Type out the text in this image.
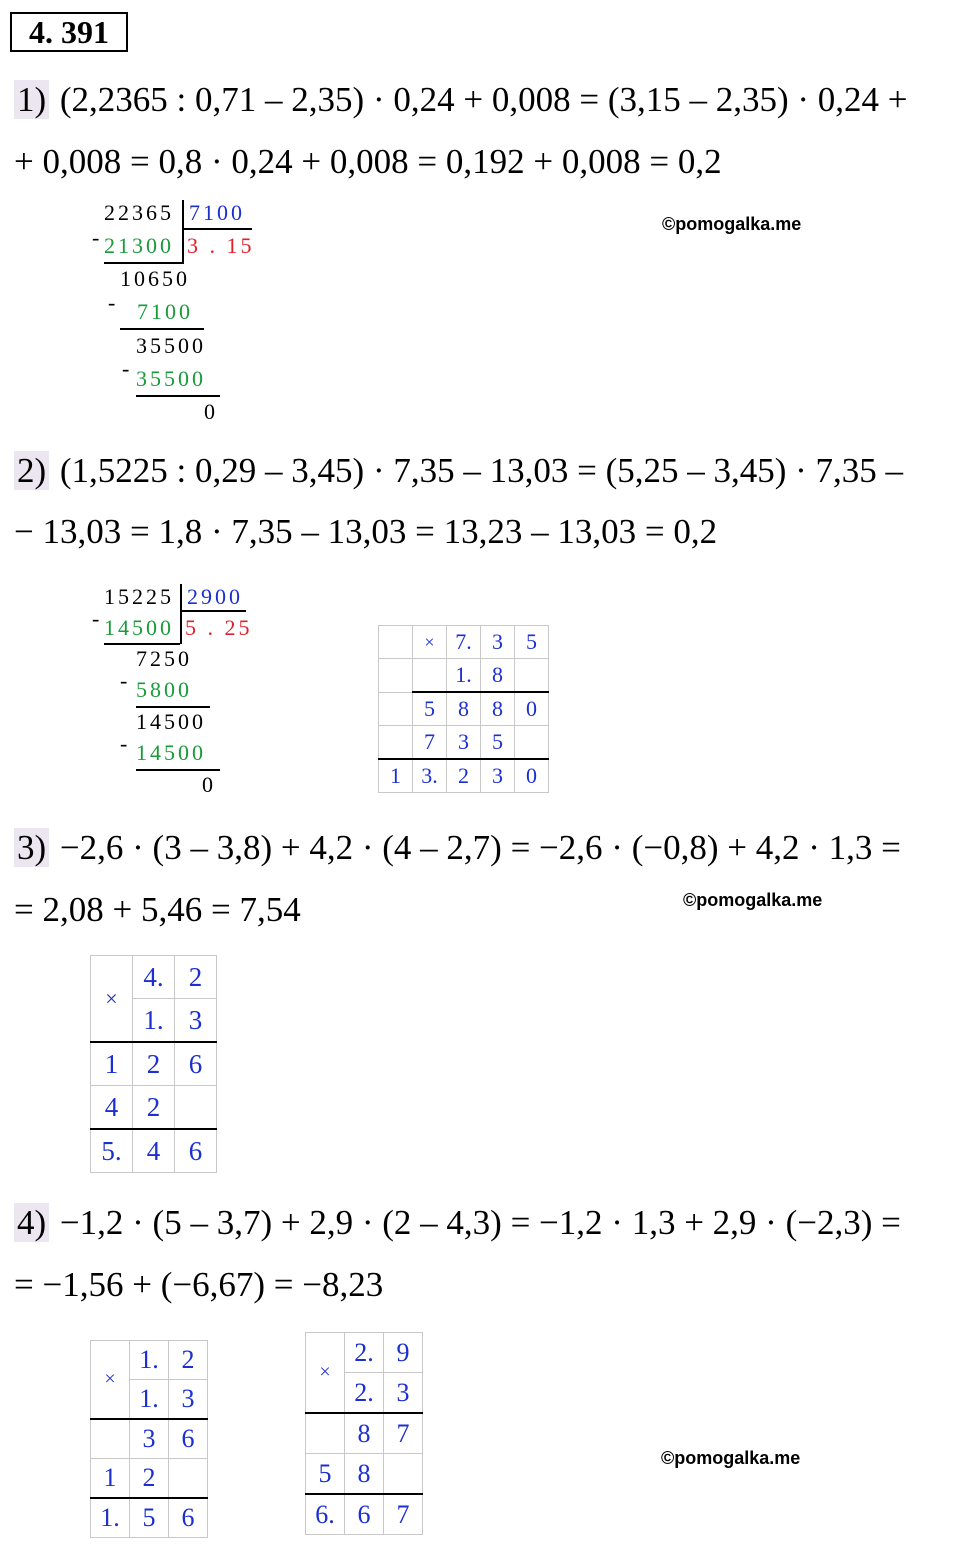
4. 391
1) (2,2365 : 0,71 – 2,35) · 0,24 + 0,008 = (3,15 – 2,35) · 0,24 +
+ 0,008 = 0,8 · 0,24 + 0,008 = 0,192 + 0,008 = 0,2
-
22365 7100
21300 3 . 15
10650
- 7100
35500
- 35500
0
©pomogalka.me
2) (1,5225 : 0,29 – 3,45) · 7,35 – 13,03 = (5,25 – 3,45) · 7,35 –
− 13,03 = 1,8 · 7,35 – 13,03 = 13,23 – 13,03 = 0,2
-
15225 2900
14500 5 . 25
7250
- 5800
14500
- 14500
0
	×	7.	3	5
		1.	8	
	5	8	8	0
	7	3	5	
1	3.	2	3	0
3) −2,6 · (3 – 3,8) + 4,2 · (4 – 2,7) = −2,6 · (−0,8) + 4,2 · 1,3 =
= 2,08 + 5,46 = 7,54	©pomogalka.me
×	4.	2
	1.	3
1	2	6
4	2	
5.	4	6
4) −1,2 · (5 – 3,7) + 2,9 · (2 – 4,3) = −1,2 · 1,3 + 2,9 · (−2,3) =
= −1,56 + (−6,67) = −8,23
×	1.	2
	1.	3
	3	6
1	2	
1.	5	6
×	2.	9
	2.	3
	8	7
5	8	
6.	6	7
©pomogalka.me
